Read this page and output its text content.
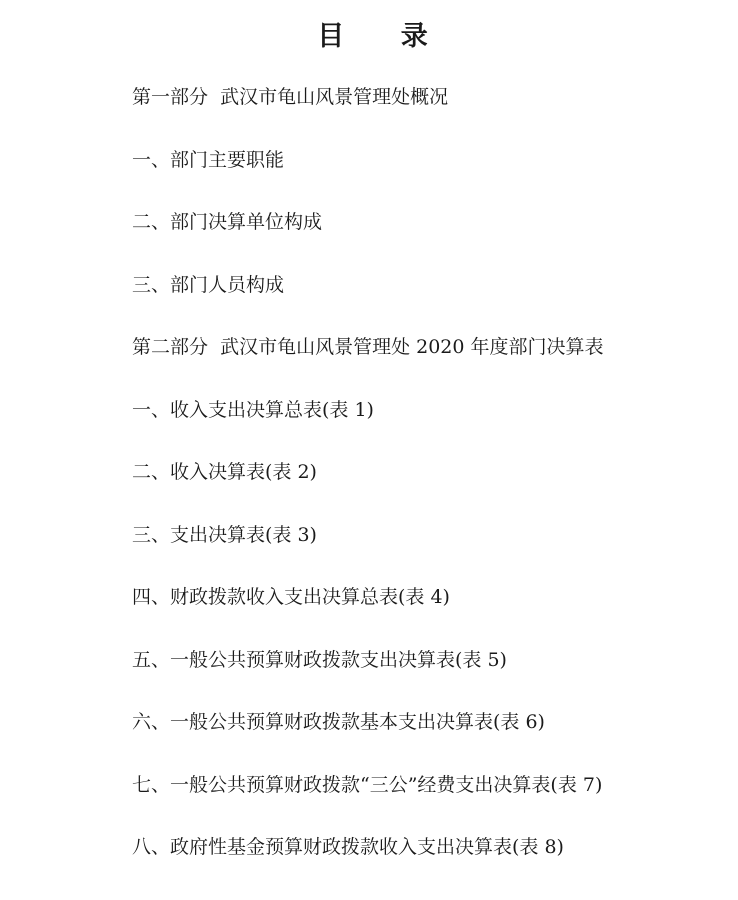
目      录
第一部分  武汉市龟山风景管理处概况
一、部门主要职能
二、部门决算单位构成
三、部门人员构成
第二部分  武汉市龟山风景管理处 2020 年度部门决算表
一、收入支出决算总表(表 1)
二、收入决算表(表 2)
三、支出决算表(表 3)
四、财政拨款收入支出决算总表(表 4)
五、一般公共预算财政拨款支出决算表(表 5)
六、一般公共预算财政拨款基本支出决算表(表 6)
七、一般公共预算财政拨款“三公”经费支出决算表(表 7)
八、政府性基金预算财政拨款收入支出决算表(表 8)
